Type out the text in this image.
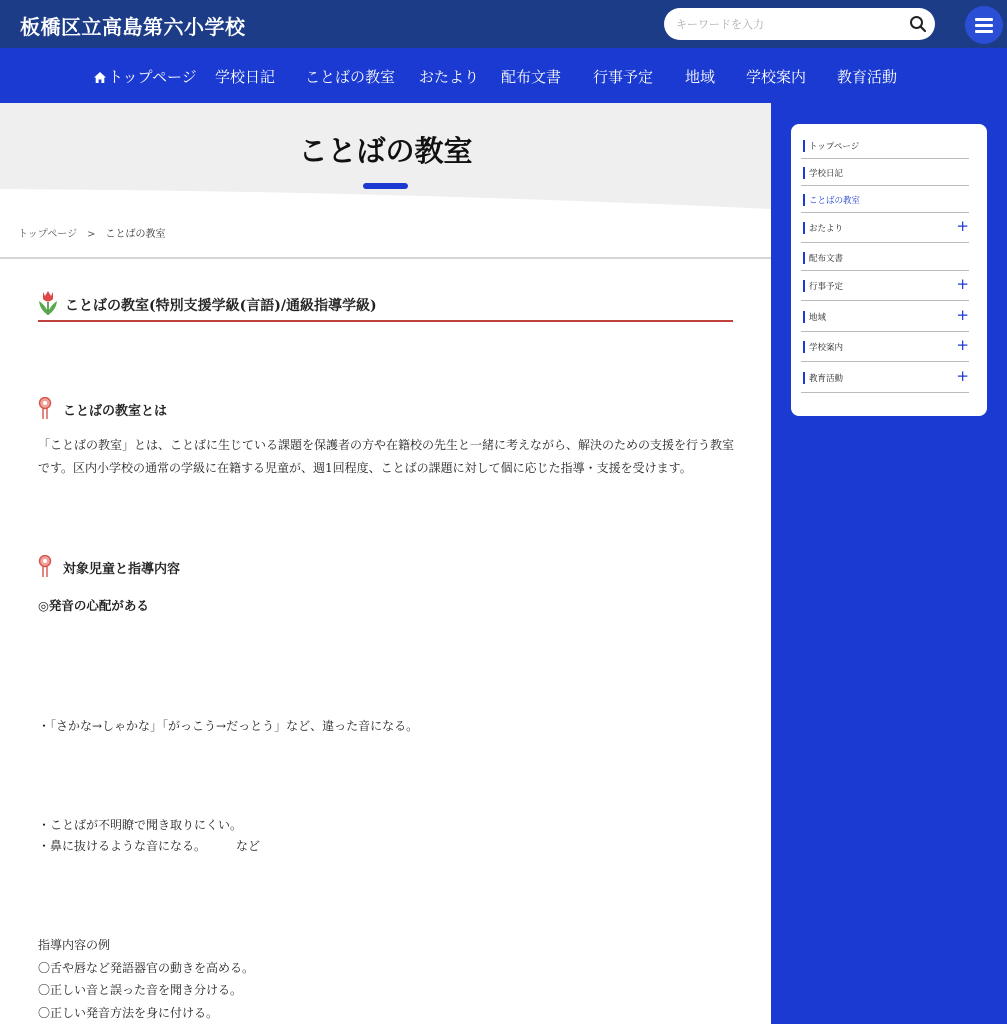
板橋区立高島第六小学校
キーワードを入力
トップページ 学校日記 ことばの教室 おたより 配布文書 行事予定 地域 学校案内 教育活動
ことばの教室
トップページ > ことばの教室
ことばの教室(特別支援学級(言語)/通級指導学級)
ことばの教室とは
「ことばの教室」とは、ことばに生じている課題を保護者の方や在籍校の先生と一緒に考えながら、解決のための支援を行う教室です。区内小学校の通常の学級に在籍する児童が、週1回程度、ことばの課題に対して個に応じた指導・支援を受けます。
対象児童と指導内容
◎発音の心配がある
・「さかな→しゃかな」「がっこう→だっとう」など、違った音になる。
・ことばが不明瞭で聞き取りにくい。
・鼻に抜けるような音になる。　　　など
指導内容の例
〇舌や唇など発語器官の動きを高める。
〇正しい音と誤った音を聞き分ける。
〇正しい発音方法を身に付ける。
トップページ
学校日記
ことばの教室
おたより	+
配布文書
行事予定	+
地域	+
学校案内	+
教育活動	+
